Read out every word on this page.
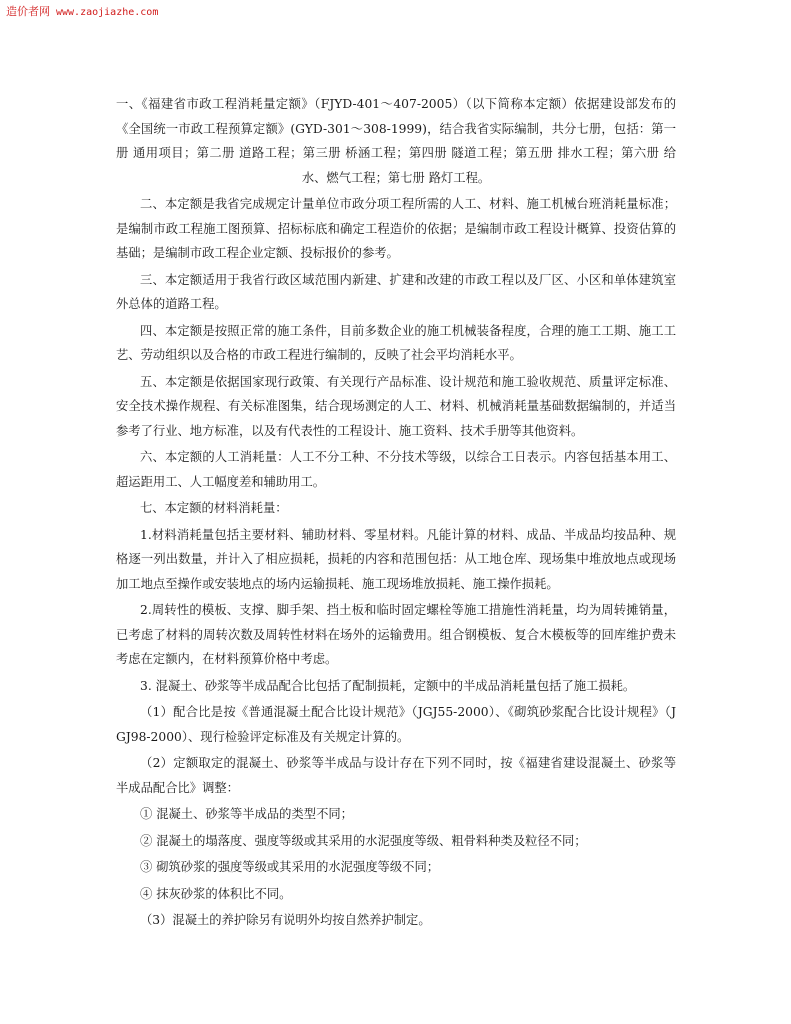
造价者网 www.zaojiazhe.com

一、《福建省市政工程消耗量定额》（FJYD-401～407-2005）（以下简称本定额）依据建设部发布的《全国统一市政工程预算定额》(GYD-301～308-1999)，结合我省实际编制，共分七册，包括：第一册 通用项目；第二册 道路工程；第三册 桥涵工程；第四册 隧道工程；第五册 排水工程；第六册 给水、燃气工程；第七册 路灯工程。

二、本定额是我省完成规定计量单位市政分项工程所需的人工、材料、施工机械台班消耗量标准；是编制市政工程施工图预算、招标标底和确定工程造价的依据；是编制市政工程设计概算、投资估算的基础；是编制市政工程企业定额、投标报价的参考。

三、本定额适用于我省行政区域范围内新建、扩建和改建的市政工程以及厂区、小区和单体建筑室外总体的道路工程。

四、本定额是按照正常的施工条件，目前多数企业的施工机械装备程度，合理的施工工期、施工工艺、劳动组织以及合格的市政工程进行编制的，反映了社会平均消耗水平。

五、本定额是依据国家现行政策、有关现行产品标准、设计规范和施工验收规范、质量评定标准、安全技术操作规程、有关标准图集，结合现场测定的人工、材料、机械消耗量基础数据编制的，并适当参考了行业、地方标准，以及有代表性的工程设计、施工资料、技术手册等其他资料。

六、本定额的人工消耗量：人工不分工种、不分技术等级，以综合工日表示。内容包括基本用工、超运距用工、人工幅度差和辅助用工。

七、本定额的材料消耗量：

1.材料消耗量包括主要材料、辅助材料、零星材料。凡能计算的材料、成品、半成品均按品种、规格逐一列出数量，并计入了相应损耗，损耗的内容和范围包括：从工地仓库、现场集中堆放地点或现场加工地点至操作或安装地点的场内运输损耗、施工现场堆放损耗、施工操作损耗。

2.周转性的模板、支撑、脚手架、挡土板和临时固定螺栓等施工措施性消耗量，均为周转摊销量，已考虑了材料的周转次数及周转性材料在场外的运输费用。组合钢模板、复合木模板等的回库维护费未考虑在定额内，在材料预算价格中考虑。

3. 混凝土、砂浆等半成品配合比包括了配制损耗，定额中的半成品消耗量包括了施工损耗。

（1）配合比是按《普通混凝土配合比设计规范》（JGJ55-2000）、《砌筑砂浆配合比设计规程》（JGJ98-2000）、现行检验评定标准及有关规定计算的。

（2）定额取定的混凝土、砂浆等半成品与设计存在下列不同时，按《福建省建设混凝土、砂浆等半成品配合比》调整：

① 混凝土、砂浆等半成品的类型不同；

② 混凝土的塌落度、强度等级或其采用的水泥强度等级、粗骨料种类及粒径不同；

③ 砌筑砂浆的强度等级或其采用的水泥强度等级不同；

④ 抹灰砂浆的体积比不同。

（3）混凝土的养护除另有说明外均按自然养护制定。
